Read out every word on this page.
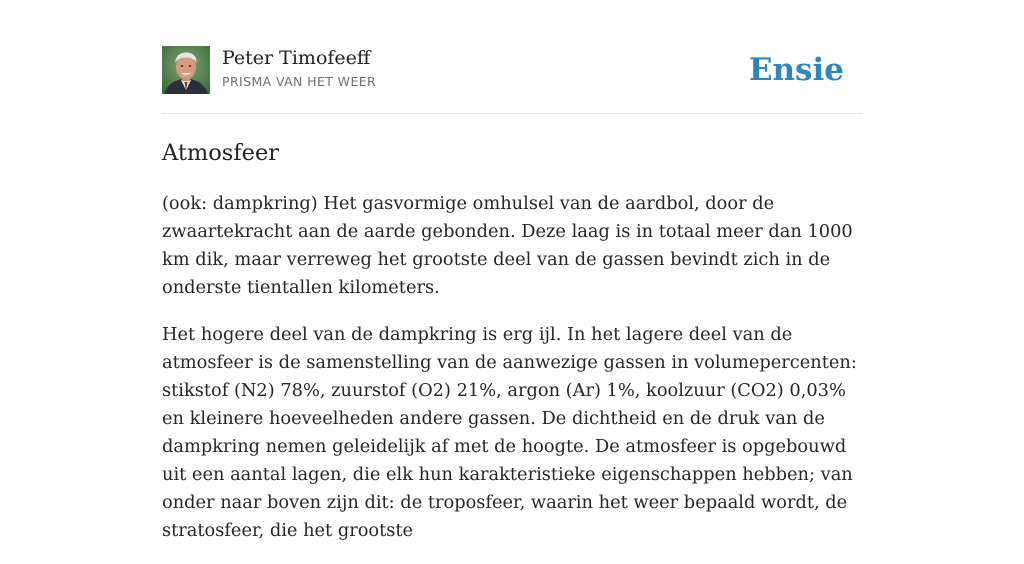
Peter Timofeeff
PRISMA VAN HET WEER	Ensie
Atmosfeer

(ook: dampkring) Het gasvormige omhulsel van de aardbol, door de zwaartekracht aan de aarde gebonden. Deze laag is in totaal meer dan 1000 km dik, maar verreweg het grootste deel van de gassen bevindt zich in de onderste tientallen kilometers.

Het hogere deel van de dampkring is erg ijl. In het lagere deel van de atmosfeer is de samenstelling van de aanwezige gassen in volumepercenten: stikstof (N2) 78%, zuurstof (O2) 21%, argon (Ar) 1%, koolzuur (CO2) 0,03% en kleinere hoeveelheden andere gassen. De dichtheid en de druk van de dampkring nemen geleidelijk af met de hoogte. De atmosfeer is opgebouwd uit een aantal lagen, die elk hun karakteristieke eigenschappen hebben; van onder naar boven zijn dit: de troposfeer, waarin het weer bepaald wordt, de stratosfeer, die het grootste
